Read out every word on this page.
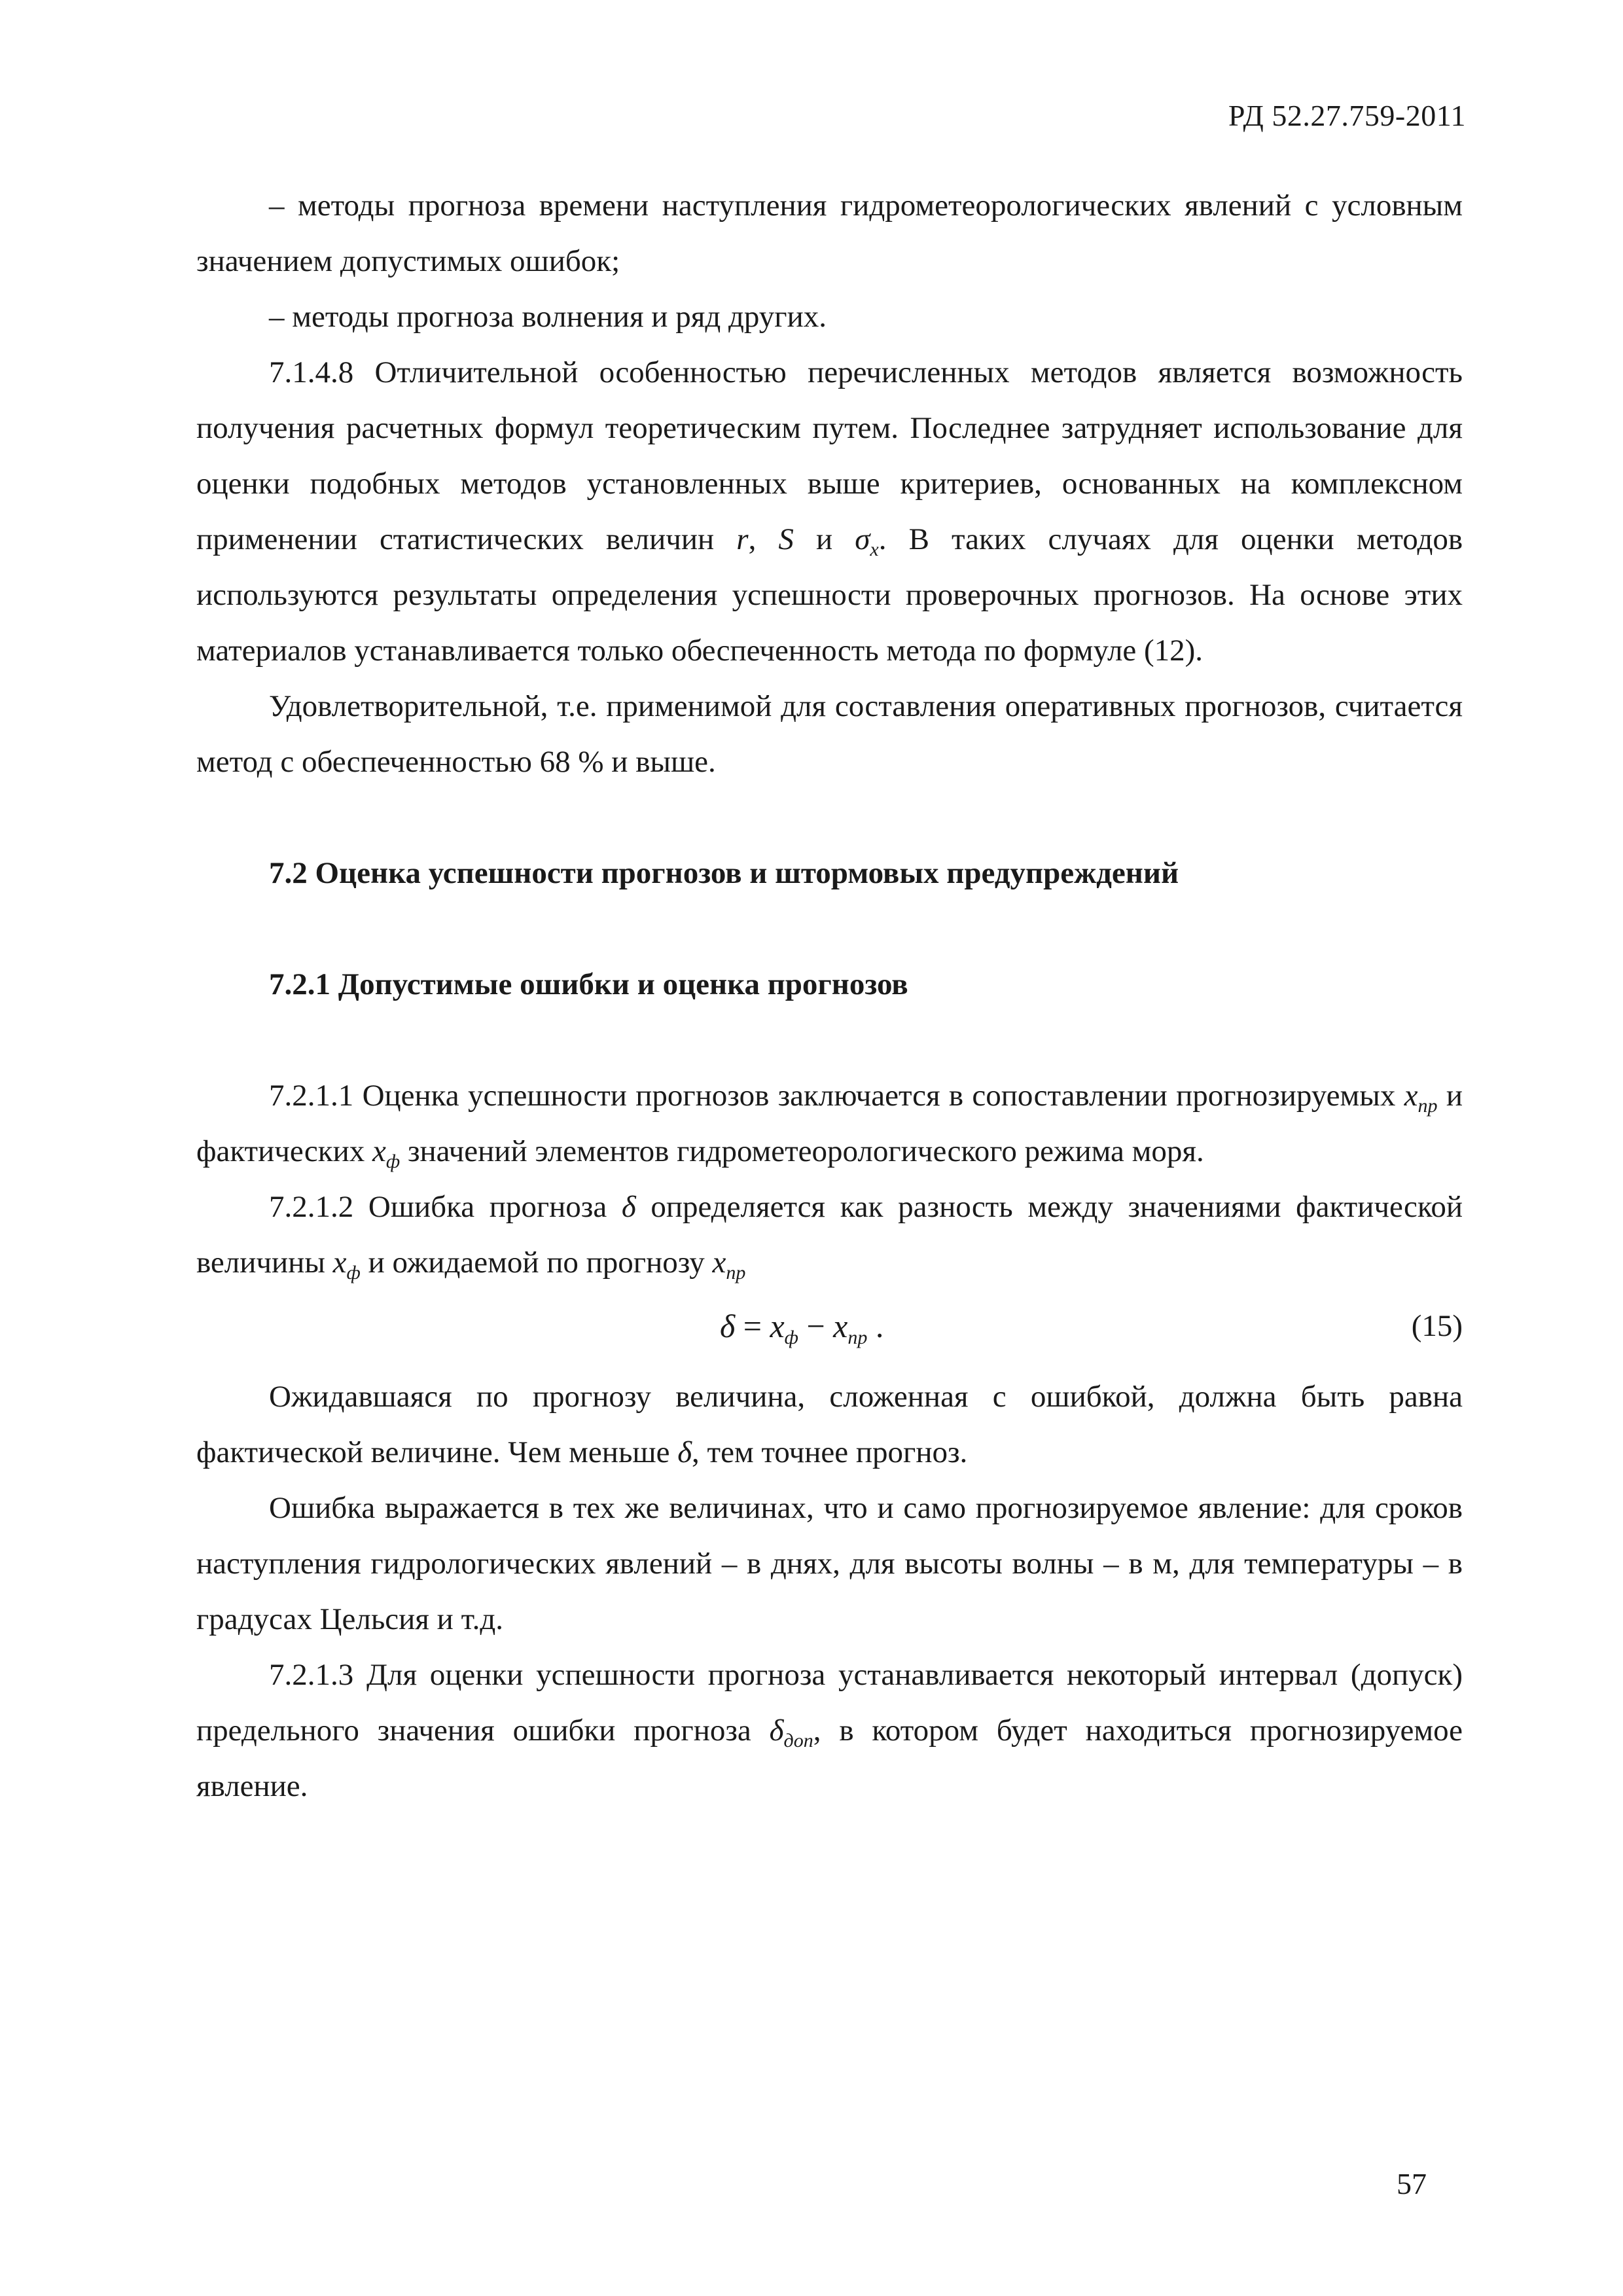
РД 52.27.759-2011

– методы прогноза времени наступления гидрометеорологических явлений с условным значением допустимых ошибок;

– методы прогноза волнения и ряд других.

7.1.4.8 Отличительной особенностью перечисленных методов является возможность получения расчетных формул теоретическим путем. Последнее затрудняет использование для оценки подобных методов установленных выше критериев, основанных на комплексном применении статистических величин r, S и $\sigma_x$. В таких случаях для оценки методов используются результаты определения успешности проверочных прогнозов. На основе этих материалов устанавливается только обеспеченность метода по формуле (12).

Удовлетворительной, т.е. применимой для составления оперативных прогнозов, считается метод с обеспеченностью 68 % и выше.

7.2 Оценка успешности прогнозов и штормовых предупреждений

7.2.1 Допустимые ошибки и оценка прогнозов

7.2.1.1 Оценка успешности прогнозов заключается в сопоставлении прогнозируемых $x_{пр}$ и фактических $x_ф$ значений элементов гидрометеорологического режима моря.

7.2.1.2 Ошибка прогноза δ определяется как разность между значениями фактической величины $x_ф$ и ожидаемой по прогнозу $x_{пр}$

$\delta = x_ф - x_{пр}$ .	(15)

Ожидавшаяся по прогнозу величина, сложенная с ошибкой, должна быть равна фактической величине. Чем меньше δ, тем точнее прогноз.

Ошибка выражается в тех же величинах, что и само прогнозируемое явление: для сроков наступления гидрологических явлений – в днях, для высоты волны – в м, для температуры – в градусах Цельсия и т.д.

7.2.1.3 Для оценки успешности прогноза устанавливается некоторый интервал (допуск) предельного значения ошибки прогноза $\delta_{доп}$, в котором будет находиться прогнозируемое явление.

57
